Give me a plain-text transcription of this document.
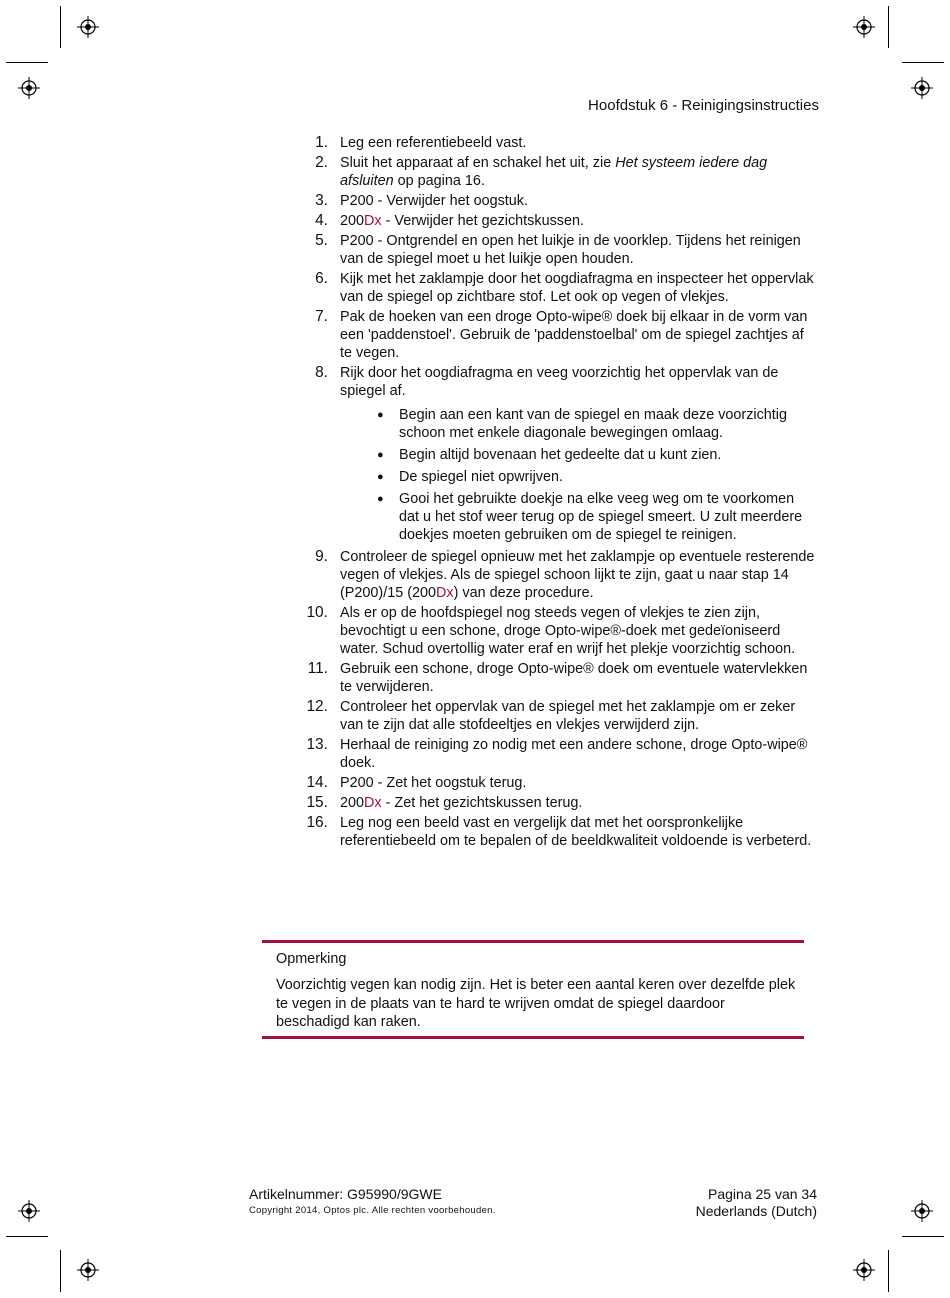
Hoofdstuk 6 - Reinigingsinstructies
1. Leg een referentiebeeld vast.
2. Sluit het apparaat af en schakel het uit, zie Het systeem iedere dag afsluiten op pagina 16.
3. P200 - Verwijder het oogstuk.
4. 200Dx - Verwijder het gezichtskussen.
5. P200 - Ontgrendel en open het luikje in de voorklep. Tijdens het reinigen van de spiegel moet u het luikje open houden.
6. Kijk met het zaklampje door het oogdiafragma en inspecteer het oppervlak van de spiegel op zichtbare stof. Let ook op vegen of vlekjes.
7. Pak de hoeken van een droge Opto-wipe® doek bij elkaar in de vorm van een 'paddenstoel'. Gebruik de 'paddenstoelbal' om de spiegel zachtjes af te vegen.
8. Rijk door het oogdiafragma en veeg voorzichtig het oppervlak van de spiegel af.
● Begin aan een kant van de spiegel en maak deze voorzichtig schoon met enkele diagonale bewegingen omlaag.
● Begin altijd bovenaan het gedeelte dat u kunt zien.
● De spiegel niet opwrijven.
● Gooi het gebruikte doekje na elke veeg weg om te voorkomen dat u het stof weer terug op de spiegel smeert. U zult meerdere doekjes moeten gebruiken om de spiegel te reinigen.
9. Controleer de spiegel opnieuw met het zaklampje op eventuele resterende vegen of vlekjes. Als de spiegel schoon lijkt te zijn, gaat u naar stap 14 (P200)/15 (200Dx) van deze procedure.
10. Als er op de hoofdspiegel nog steeds vegen of vlekjes te zien zijn, bevochtigt u een schone, droge Opto-wipe®-doek met gedeïoniseerd water. Schud overtollig water eraf en wrijf het plekje voorzichtig schoon.
11. Gebruik een schone, droge Opto-wipe® doek om eventuele watervlekken te verwijderen.
12. Controleer het oppervlak van de spiegel met het zaklampje om er zeker van te zijn dat alle stofdeeltjes en vlekjes verwijderd zijn.
13. Herhaal de reiniging zo nodig met een andere schone, droge Opto-wipe® doek.
14. P200 - Zet het oogstuk terug.
15. 200Dx - Zet het gezichtskussen terug.
16. Leg nog een beeld vast en vergelijk dat met het oorspronkelijke referentiebeeld om te bepalen of de beeldkwaliteit voldoende is verbeterd.
Opmerking
Voorzichtig vegen kan nodig zijn. Het is beter een aantal keren over dezelfde plek te vegen in de plaats van te hard te wrijven omdat de spiegel daardoor beschadigd kan raken.
Artikelnummer: G95990/9GWE
Copyright 2014, Optos plc. Alle rechten voorbehouden.
Pagina 25 van 34
Nederlands (Dutch)
